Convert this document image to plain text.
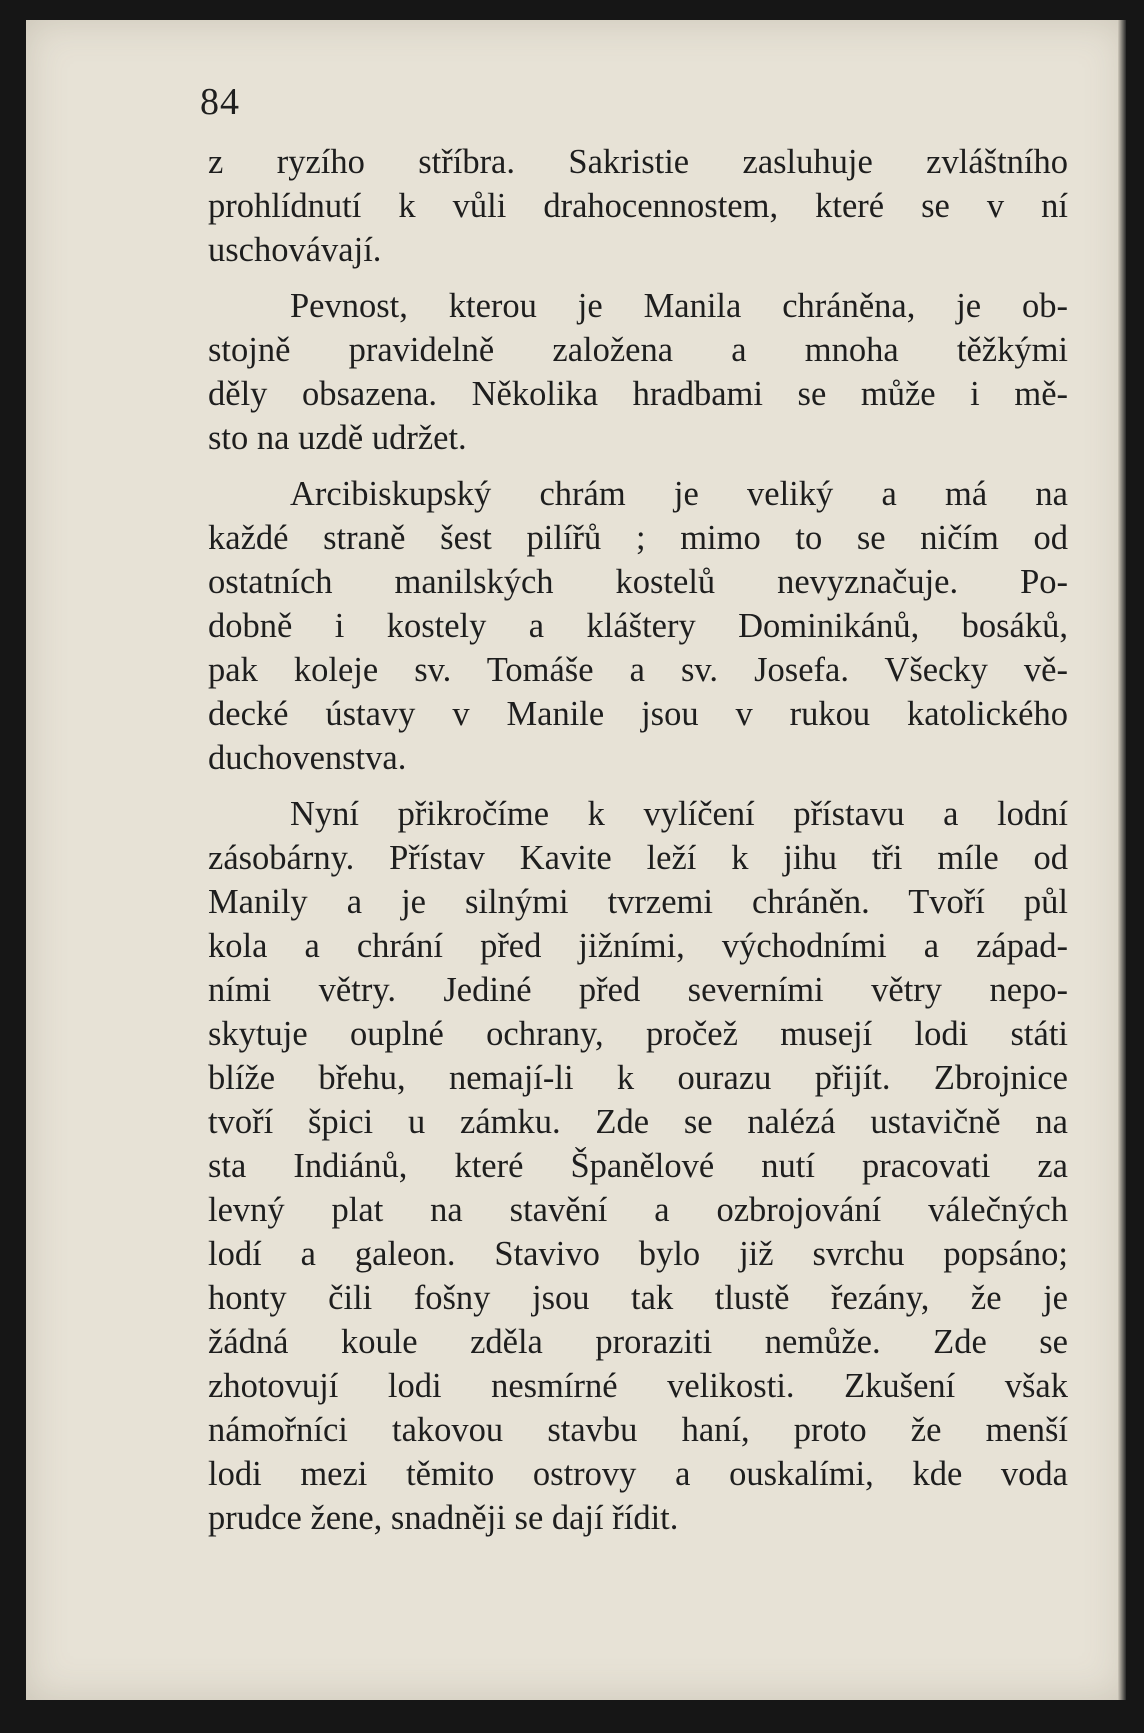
84

z ryzího stříbra. Sakristie zasluhuje zvláštního
prohlídnutí k vůli drahocennostem, které se v ní
uschovávají.
Pevnost, kterou je Manila chráněna, je ob-
stojně pravidelně založena a mnoha těžkými
děly obsazena. Několika hradbami se může i mě-
sto na uzdě udržet.
Arcibiskupský chrám je veliký a má na
každé straně šest pilířů ; mimo to se ničím od
ostatních manilských kostelů nevyznačuje. Po-
dobně i kostely a kláštery Dominikánů, bosáků,
pak koleje sv. Tomáše a sv. Josefa. Všecky vě-
decké ústavy v Manile jsou v rukou katolického
duchovenstva.
Nyní přikročíme k vylíčení přístavu a lodní
zásobárny. Přístav Kavite leží k jihu tři míle od
Manily a je silnými tvrzemi chráněn. Tvoří půl
kola a chrání před jižními, východními a západ-
ními větry. Jediné před severními větry nepo-
skytuje ouplné ochrany, pročež musejí lodi státi
blíže břehu, nemají-li k ourazu přijít. Zbrojnice
tvoří špici u zámku. Zde se nalézá ustavičně na
sta Indiánů, které Španělové nutí pracovati za
levný plat na stavění a ozbrojování válečných
lodí a galeon. Stavivo bylo již svrchu popsáno;
honty čili fošny jsou tak tlustě řezány, že je
žádná koule zděla proraziti nemůže. Zde se
zhotovují lodi nesmírné velikosti. Zkušení však
námořníci takovou stavbu haní, proto že menší
lodi mezi těmito ostrovy a ouskalími, kde voda
prudce žene, snadněji se dají řídit.
